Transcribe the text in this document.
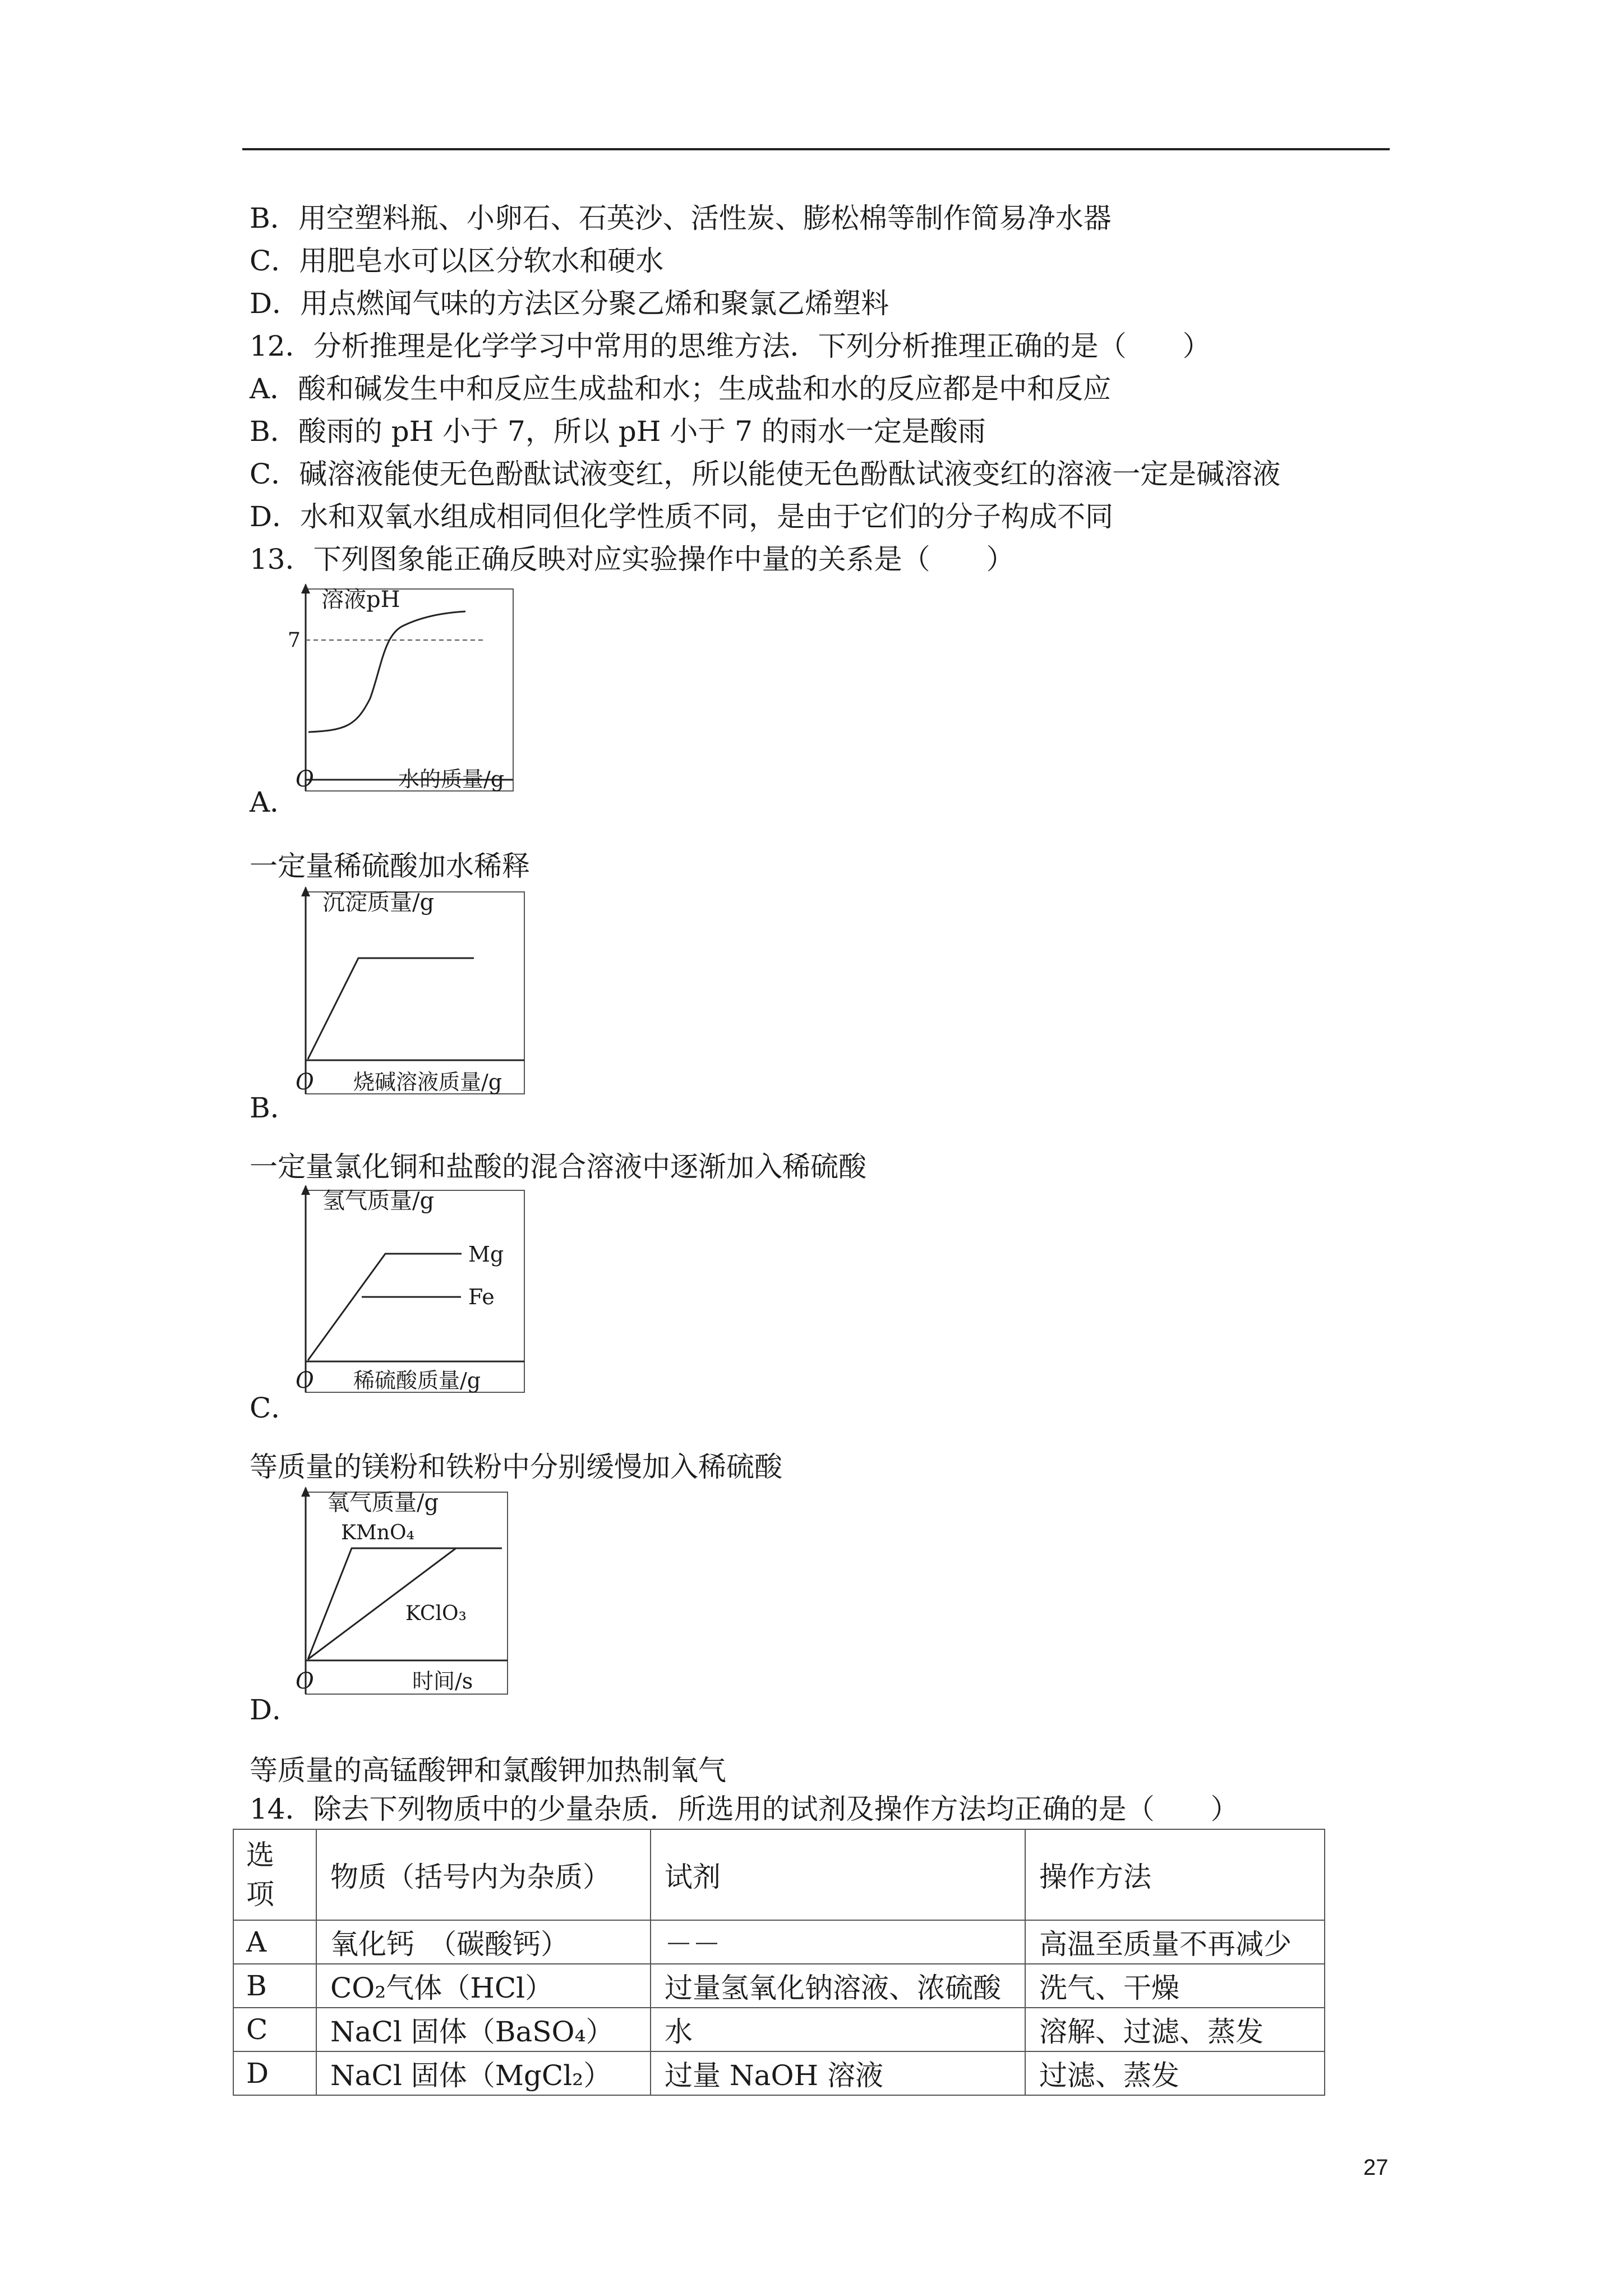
B．用空塑料瓶、小卵石、石英沙、活性炭、膨松棉等制作简易净水器
C．用肥皂水可以区分软水和硬水
D．用点燃闻气味的方法区分聚乙烯和聚氯乙烯塑料
12．分析推理是化学学习中常用的思维方法．下列分析推理正确的是（　　）
A．酸和碱发生中和反应生成盐和水；生成盐和水的反应都是中和反应
B．酸雨的 pH 小于 7，所以 pH 小于 7 的雨水一定是酸雨
C．碱溶液能使无色酚酞试液变红，所以能使无色酚酞试液变红的溶液一定是碱溶液
D．水和双氧水组成相同但化学性质不同，是由于它们的分子构成不同
13．下列图象能正确反映对应实验操作中量的关系是（　　）
溶液pH
7
O	水的质量/g
A．
一定量稀硫酸加水稀释
沉淀质量/g
O 烧碱溶液质量/g
B．
一定量氯化铜和盐酸的混合溶液中逐渐加入稀硫酸
氢气质量/g
Mg
Fe
O 稀硫酸质量/g
C．
等质量的镁粉和铁粉中分别缓慢加入稀硫酸
氧气质量/g
KMnO₄
KClO₃
O	时间/s
D．
等质量的高锰酸钾和氯酸钾加热制氧气
14．除去下列物质中的少量杂质．所选用的试剂及操作方法均正确的是（　　）
选
项	物质（括号内为杂质）	试剂	操作方法
A	氧化钙　（碳酸钙）	－－	高温至质量不再减少
B	CO₂气体（HCl）	过量氢氧化钠溶液、浓硫酸	洗气、干燥
C	NaCl 固体（BaSO₄）	水	溶解、过滤、蒸发
D	NaCl 固体（MgCl₂）	过量 NaOH 溶液	过滤、蒸发
27
